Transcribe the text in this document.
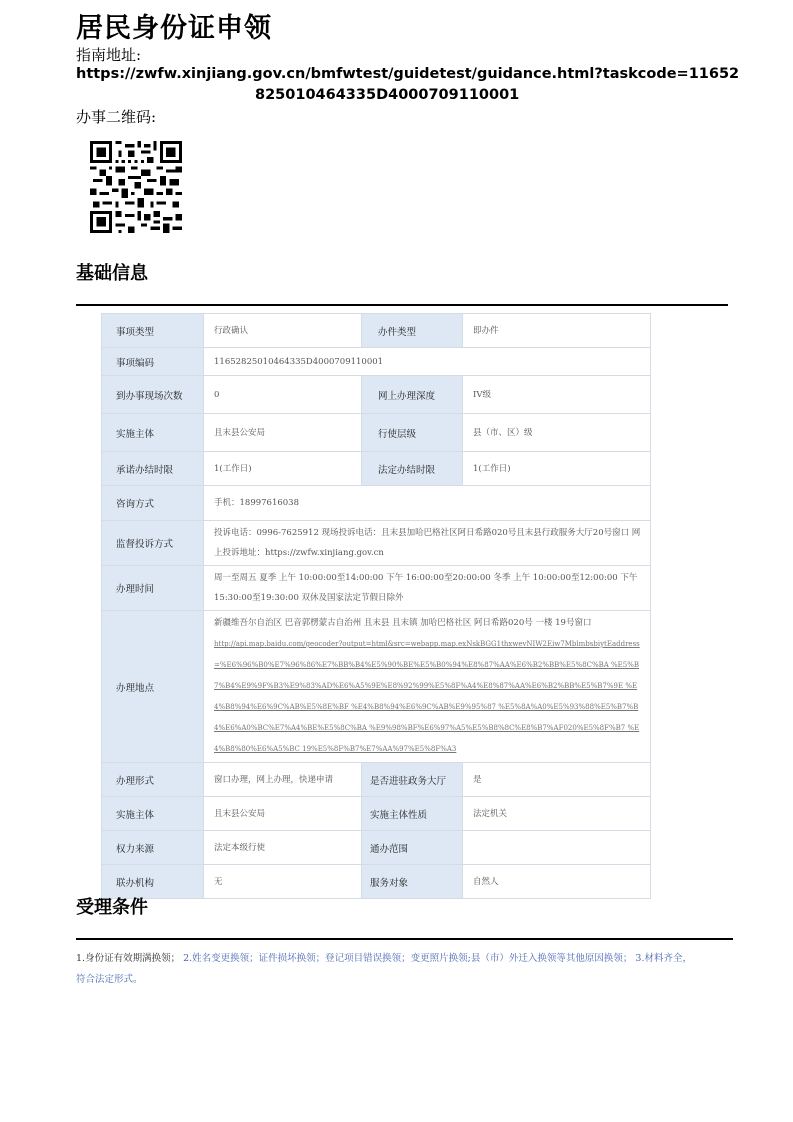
居民身份证申领
指南地址:
https://zwfw.xinjiang.gov.cn/bmfwtest/guidetest/guidance.html?taskcode=11652
825010464335D4000709110001
办事二维码:
基础信息
事项类型	行政确认	办件类型	即办件
事项编码	11652825010464335D4000709110001		
到办事现场次数	0	网上办理深度	IV级
实施主体	且末县公安局	行使层级	县（市、区）级
承诺办结时限	1(工作日)	法定办结时限	1(工作日)
咨询方式	手机：18997616038		
监督投诉方式	投诉电话：0996-7625912 现场投诉电话：且末县加哈巴格社区阿日希路020号且末县行政服务大厅20号窗口 网上投诉地址：https://zwfw.xinjiang.gov.cn		
办理时间	周一至周五 夏季 上午 10:00:00至14:00:00 下午 16:00:00至20:00:00 冬季 上午 10:00:00至12:00:00 下午 15:30:00至19:30:00 双休及国家法定节假日除外		
办理地点	新疆维吾尔自治区 巴音郭楞蒙古自治州 且末县 且末镇 加哈巴格社区 阿日希路020号 一楼 19号窗口
http://api.map.baidu.com/geocoder?output=html&src=webapp.map.exNskBGG1thxwevNIW2Eiw7MblmbsbiytEaddress=%E6%96%B0%E7%96%86%E7%BB%B4%E5%90%BE%E5%B0%94%E8%87%AA%E6%B2%BB%E5%8C%BA %E5%B7%B4%E9%9F%B3%E9%83%AD%E6%A5%9E%E8%92%99%E5%8F%A4%E8%87%AA%E6%B2%BB%E5%B7%9E %E4%B8%94%E6%9C%AB%E5%8E%BF %E4%B8%94%E6%9C%AB%E9%95%87 %E5%8A%A0%E5%93%88%E5%B7%B4%E6%A0%BC%E7%A4%BE%E5%8C%BA %E9%98%BF%E6%97%A5%E5%B8%8C%E8%B7%AF020%E5%8F%B7 %E4%B8%80%E6%A5%BC 19%E5%8F%B7%E7%AA%97%E5%8F%A3		

办理形式	窗口办理，网上办理，快递申请	是否进驻政务大厅	是
实施主体	且末县公安局	实施主体性质	法定机关
权力来源	法定本级行使	通办范围	
联办机构	无	服务对象	自然人
受理条件
1.身份证有效期满换领； 2.姓名变更换领；证件损坏换领；登记项目错误换领；变更照片换领;县（市）外迁入换领等其他原因换领； 3.材料齐全，符合法定形式。
